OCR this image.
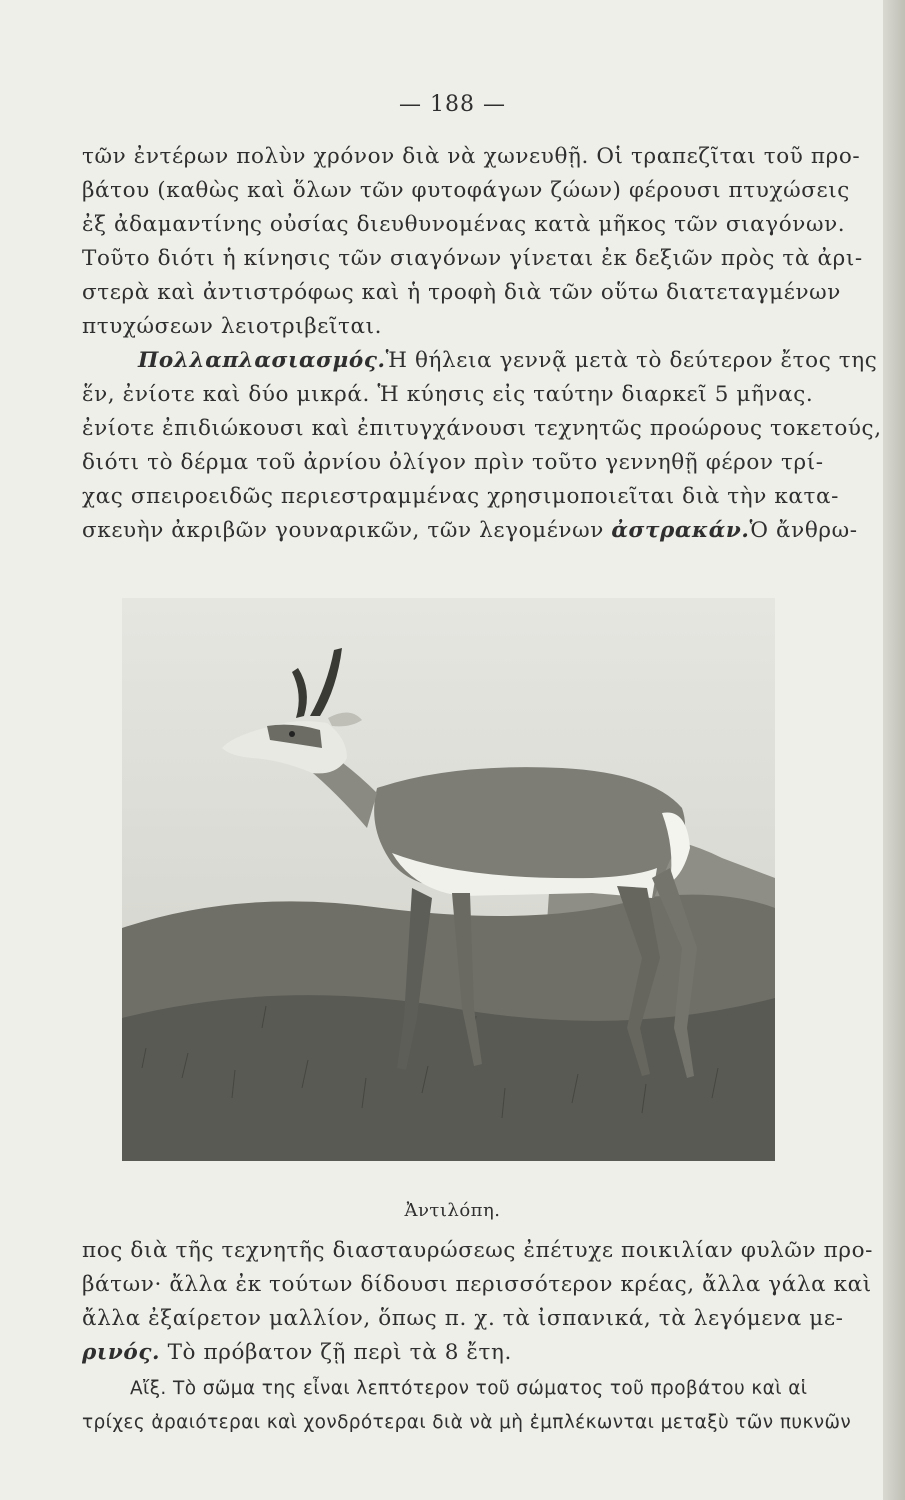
— 188 —
τῶν ἐντέρων πολὺν χρόνον διὰ νὰ χωνευθῇ. Οἱ τραπεζῖται τοῦ προ-
βάτου (καθὼς καὶ ὅλων τῶν φυτοφάγων ζώων) φέρουσι πτυχώσεις
ἐξ ἀδαμαντίνης οὐσίας διευθυνομένας κατὰ μῆκος τῶν σιαγόνων.
Τοῦτο διότι ἡ κίνησις τῶν σιαγόνων γίνεται ἐκ δεξιῶν πρὸς τὰ ἀρι-
στερὰ καὶ ἀντιστρόφως καὶ ἡ τροφὴ διὰ τῶν οὕτω διατεταγμένων
πτυχώσεων λειοτριβεῖται.
Πολλαπλασιασμός.Ἡ θήλεια γεννᾷ μετὰ τὸ δεύτερον ἔτος της
ἕν, ἐνίοτε καὶ δύο μικρά. Ἡ κύησις εἰς ταύτην διαρκεῖ 5 μῆνας.
ἐνίοτε ἐπιδιώκουσι καὶ ἐπιτυγχάνουσι τεχνητῶς προώρους τοκετούς,
διότι τὸ δέρμα τοῦ ἀρνίου ὀλίγον πρὶν τοῦτο γεννηθῇ φέρον τρί-
χας σπειροειδῶς περιεστραμμένας χρησιμοποιεῖται διὰ τὴν κατα-
σκευὴν ἀκριβῶν γουναρικῶν, τῶν λεγομένων ἀστρακάν.Ὁ ἄνθρω-
Ἀντιλόπη.
πος διὰ τῆς τεχνητῆς διασταυρώσεως ἐπέτυχε ποικιλίαν φυλῶν προ-
βάτων· ἄλλα ἐκ τούτων δίδουσι περισσότερον κρέας, ἄλλα γάλα καὶ
ἄλλα ἐξαίρετον μαλλίον, ὅπως π. χ. τὰ ἰσπανικά, τὰ λεγόμενα με-
ρινός. Τὸ πρόβατον ζῇ περὶ τὰ 8 ἔτη.
Αἴξ. Τὸ σῶμα της εἶναι λεπτότερον τοῦ σώματος τοῦ προβάτου καὶ αἱ
τρίχες ἀραιότεραι καὶ χονδρότεραι διὰ νὰ μὴ ἐμπλέκωνται μεταξὺ τῶν πυκνῶν
